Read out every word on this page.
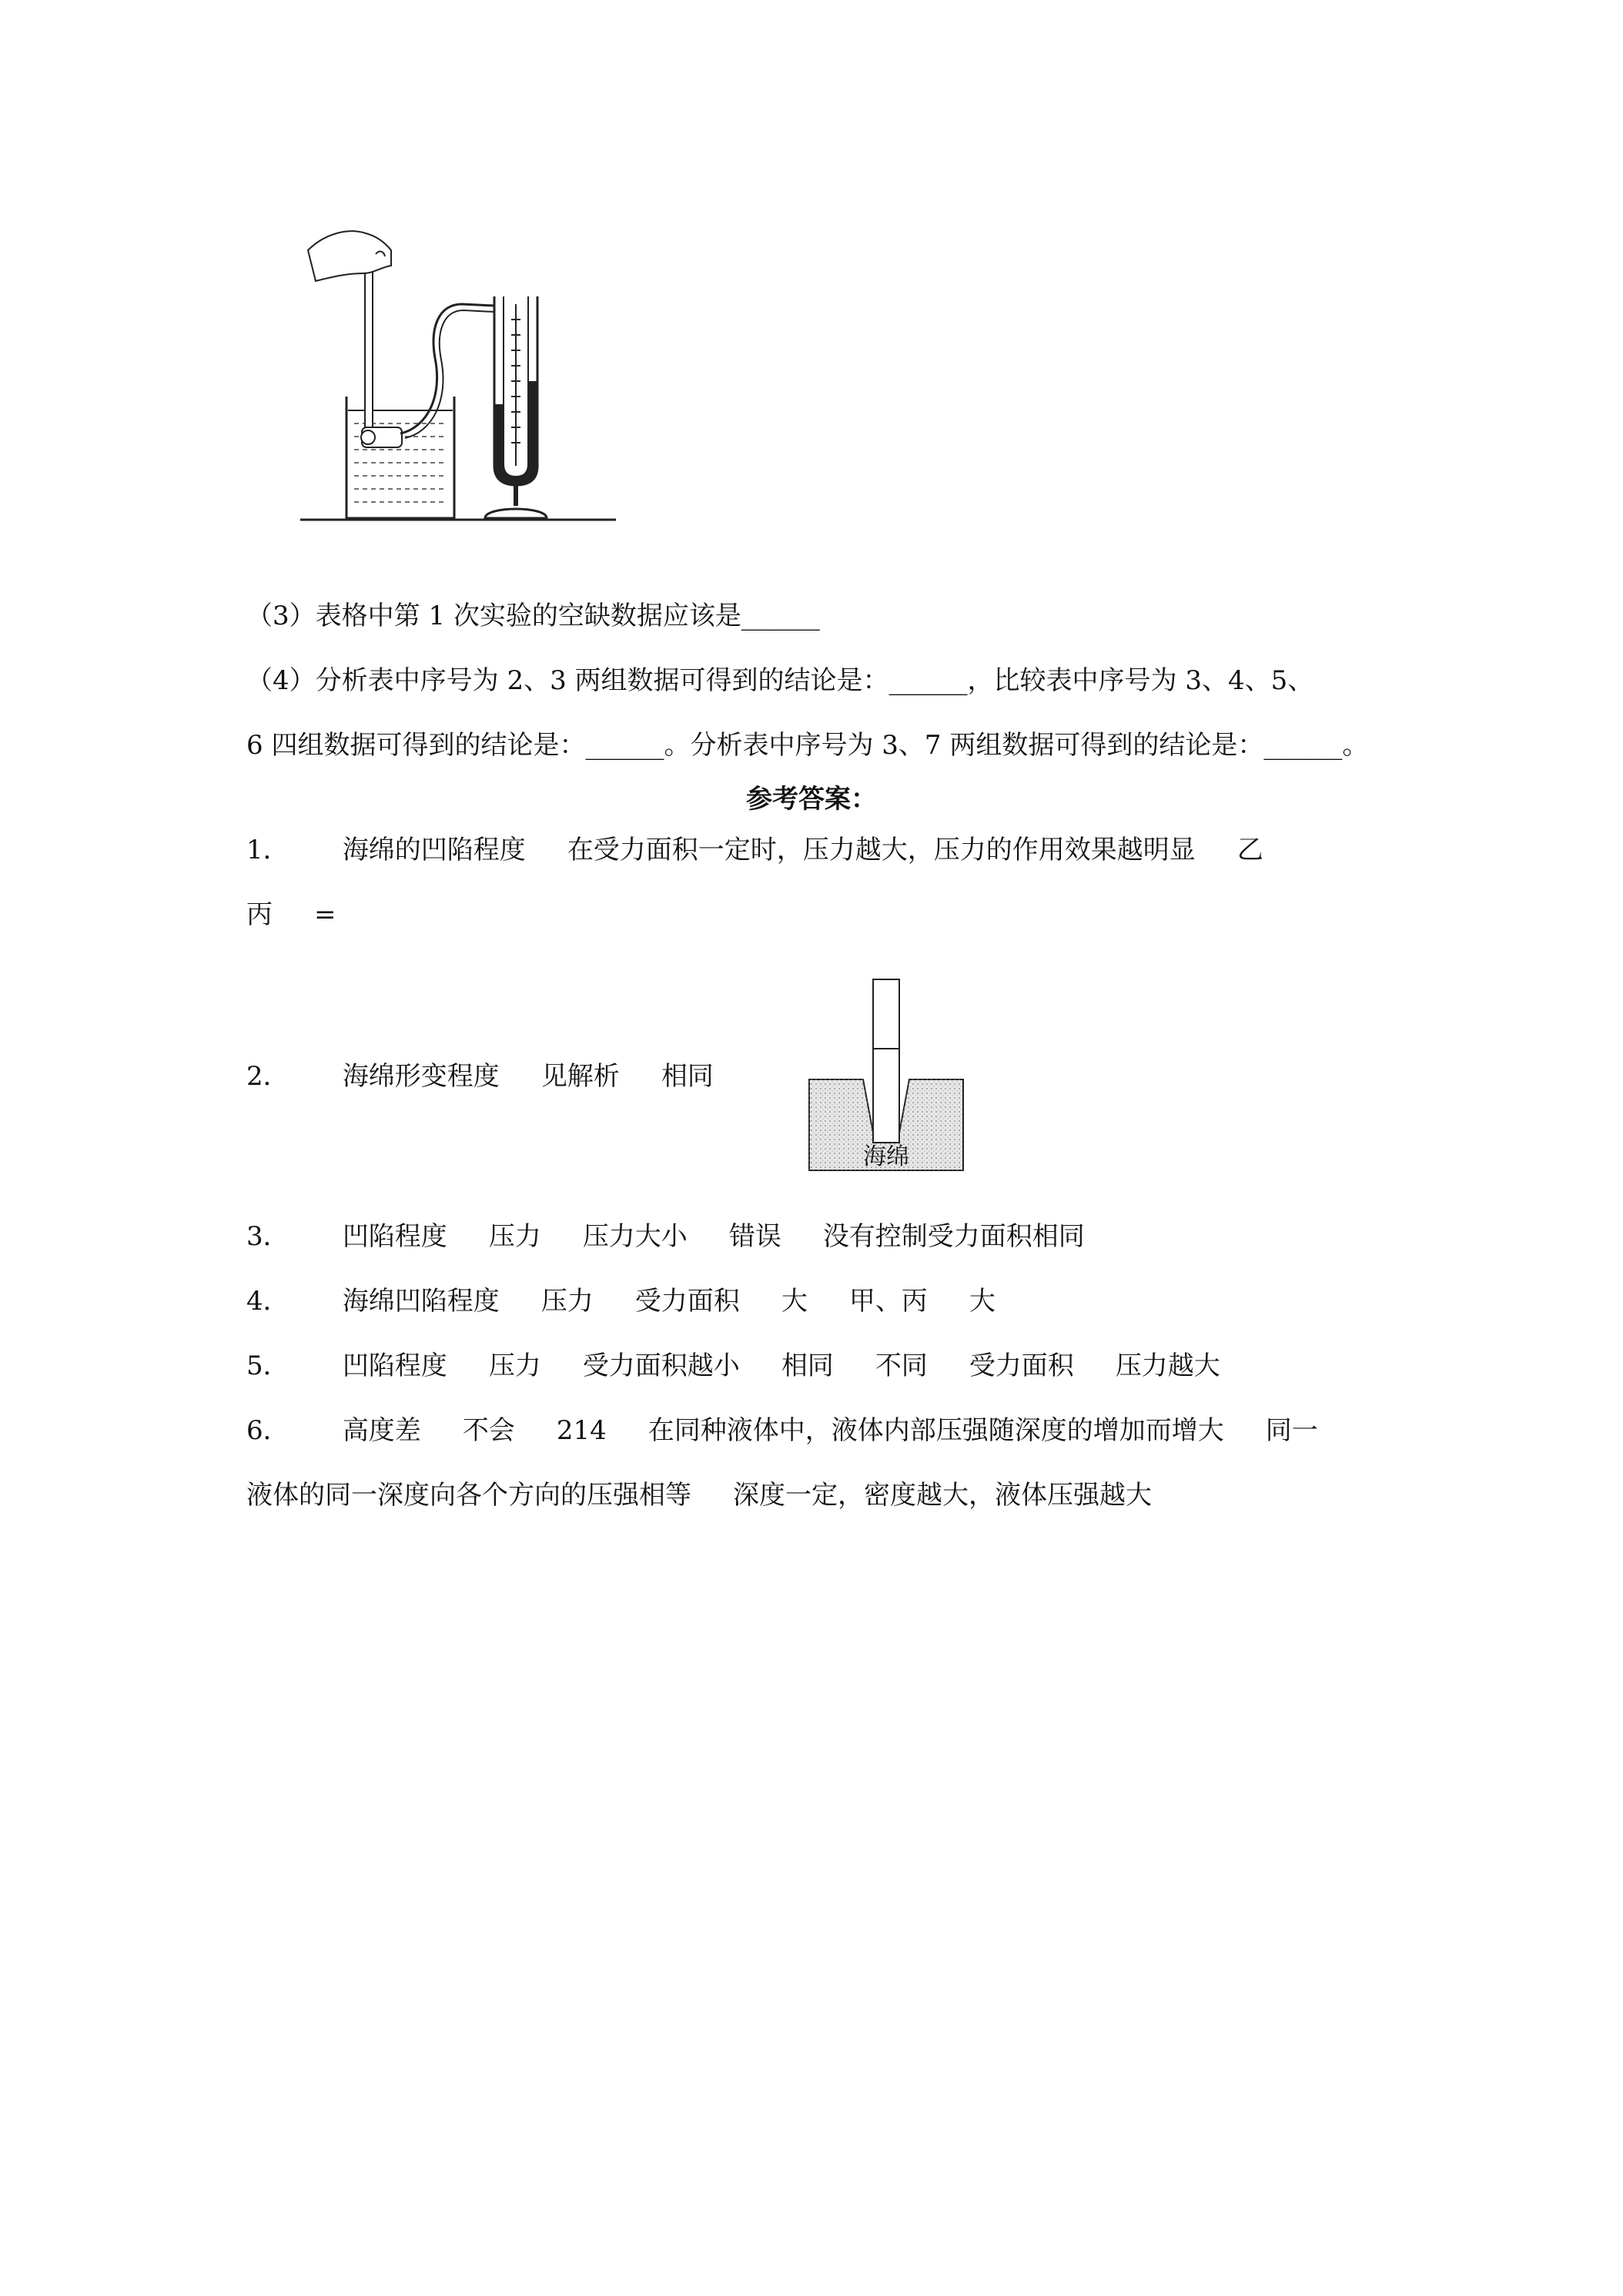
（3）表格中第 1 次实验的空缺数据应该是______
（4）分析表中序号为 2、3 两组数据可得到的结论是：______，比较表中序号为 3、4、5、
6 四组数据可得到的结论是：______。分析表中序号为 3、7 两组数据可得到的结论是：______。
参考答案：
1． 海绵的凹陷程度 在受力面积一定时，压力越大，压力的作用效果越明显 乙
丙 =
2． 海绵形变程度 见解析 相同
海绵
3． 凹陷程度 压力 压力大小 错误 没有控制受力面积相同
4． 海绵凹陷程度 压力 受力面积 大 甲、丙 大
5． 凹陷程度 压力 受力面积越小 相同 不同 受力面积 压力越大
6． 高度差 不会 214 在同种液体中，液体内部压强随深度的增加而增大 同一
液体的同一深度向各个方向的压强相等 深度一定，密度越大，液体压强越大
